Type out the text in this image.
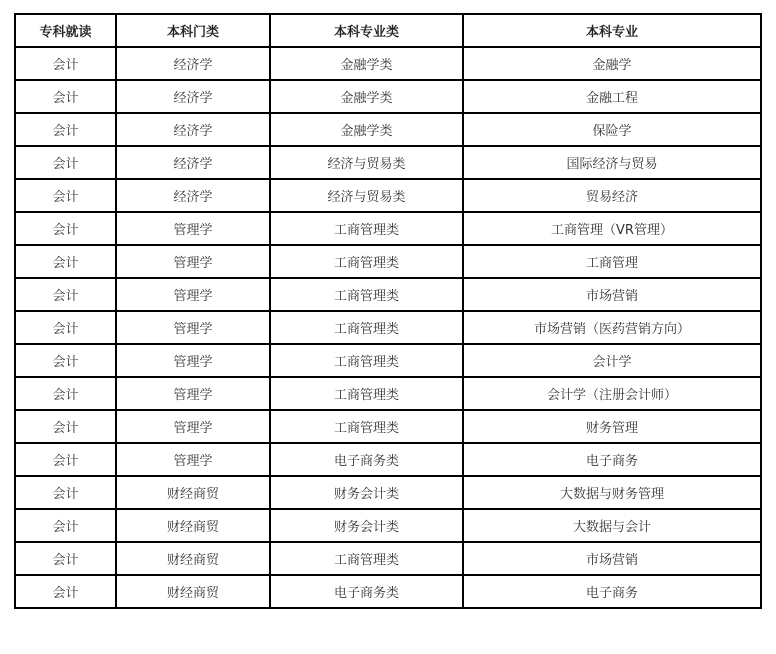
专科就读	本科门类	本科专业类	本科专业
会计	经济学	金融学类	金融学
会计	经济学	金融学类	金融工程
会计	经济学	金融学类	保险学
会计	经济学	经济与贸易类	国际经济与贸易
会计	经济学	经济与贸易类	贸易经济
会计	管理学	工商管理类	工商管理（VR管理）
会计	管理学	工商管理类	工商管理
会计	管理学	工商管理类	市场营销
会计	管理学	工商管理类	市场营销（医药营销方向）
会计	管理学	工商管理类	会计学
会计	管理学	工商管理类	会计学（注册会计师）
会计	管理学	工商管理类	财务管理
会计	管理学	电子商务类	电子商务
会计	财经商贸	财务会计类	大数据与财务管理
会计	财经商贸	财务会计类	大数据与会计
会计	财经商贸	工商管理类	市场营销
会计	财经商贸	电子商务类	电子商务
